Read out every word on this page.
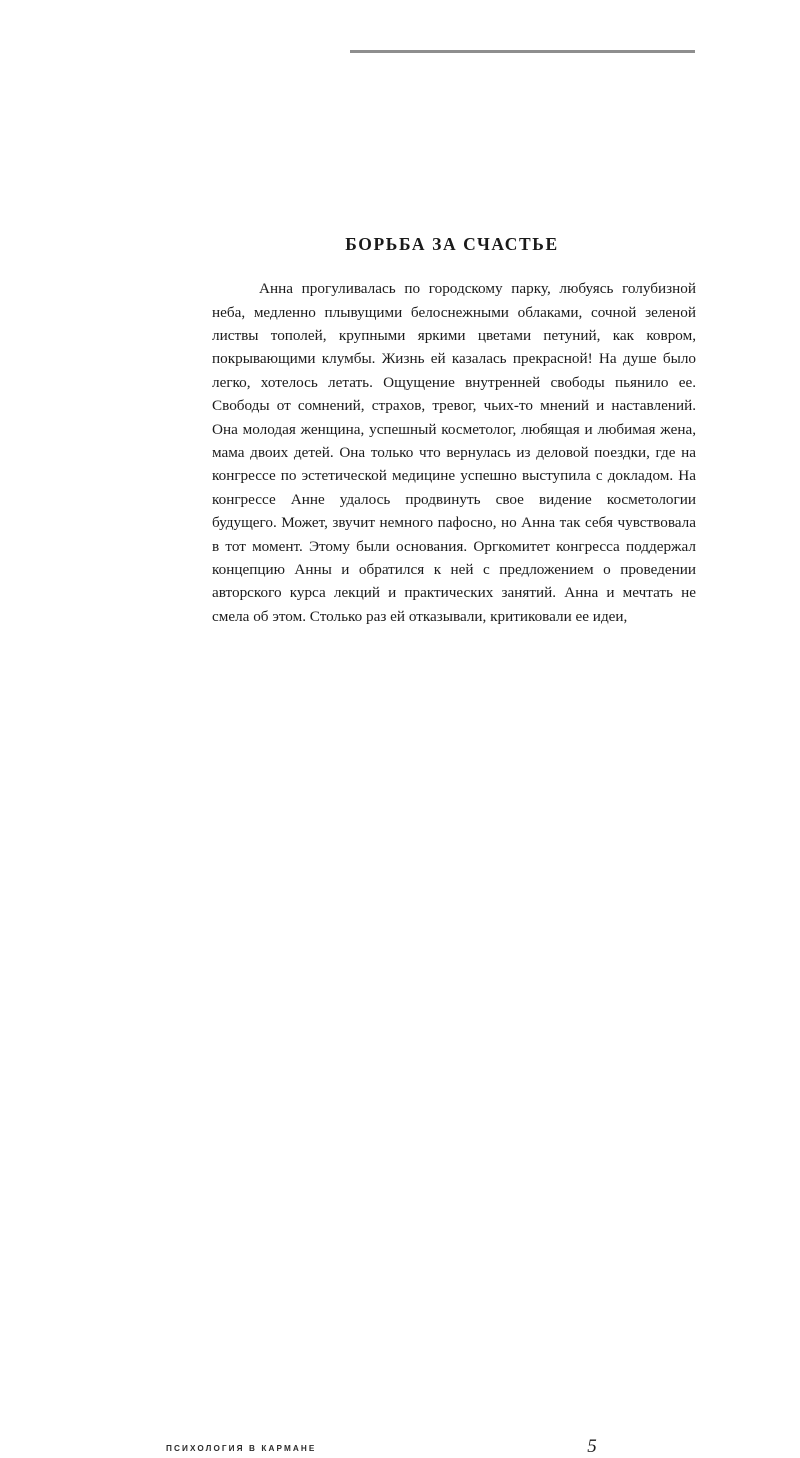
БОРЬБА ЗА СЧАСТЬЕ

Анна прогуливалась по городскому парку, любуясь голубизной неба, медленно плывущими белоснежными облаками, сочной зеленой листвы тополей, крупными яркими цветами петуний, как ковром, покрывающими клумбы. Жизнь ей казалась прекрасной! На душе было легко, хотелось летать. Ощущение внутренней свободы пьянило ее. Свободы от сомнений, страхов, тревог, чьих-то мнений и наставлений. Она молодая женщина, успешный косметолог, любящая и любимая жена, мама двоих детей. Она только что вернулась из деловой поездки, где на конгрессе по эстетической медицине успешно выступила с докладом. На конгрессе Анне удалось продвинуть свое видение косметологии будущего. Может, звучит немного пафосно, но Анна так себя чувствовала в тот момент. Этому были основания. Оргкомитет конгресса поддержал концепцию Анны и обратился к ней с предложением о проведении авторского курса лекций и практических занятий. Анна и мечтать не смела об этом. Столько раз ей отказывали, критиковали ее идеи,

ПСИХОЛОГИЯ В КАРМАНЕ	5
